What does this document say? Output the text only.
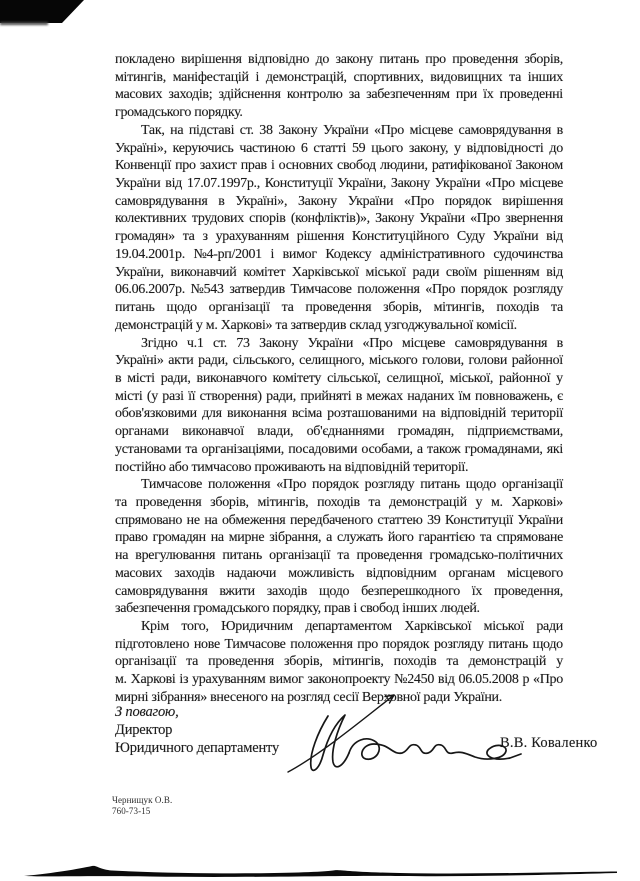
покладено вирішення відповідно до закону питань про проведення зборів,
мітингів, маніфестацій і демонстрацій, спортивних, видовищних та інших
масових заходів; здійснення контролю за забезпеченням при їх проведенні
громадського порядку.
Так, на підставі ст. 38 Закону України «Про місцеве самоврядування в
Україні», керуючись частиною 6 статті 59 цього закону, у відповідності до
Конвенції про захист прав і основних свобод людини, ратифікованої Законом
України від 17.07.1997р., Конституції України, Закону України «Про місцеве
самоврядування в Україні», Закону України «Про порядок вирішення
колективних трудових спорів (конфліктів)», Закону України «Про звернення
громадян» та з урахуванням рішення Конституційного Суду України від
19.04.2001р. №4-рп/2001 і вимог Кодексу адміністративного судочинства
України, виконавчий комітет Харківської міської ради своїм рішенням від
06.06.2007р. №543 затвердив Тимчасове положення «Про порядок розгляду
питань щодо організації та проведення зборів, мітингів, походів та
демонстрацій у м. Харкові» та затвердив склад узгоджувальної комісії.
Згідно ч.1 ст. 73 Закону України «Про місцеве самоврядування в
Україні» акти ради, сільського, селищного, міського голови, голови районної
в місті ради, виконавчого комітету сільської, селищної, міської, районної у
місті (у разі її створення) ради, прийняті в межах наданих їм повноважень, є
обов'язковими для виконання всіма розташованими на відповідній території
органами виконавчої влади, об'єднаннями громадян, підприємствами,
установами та організаціями, посадовими особами, а також громадянами, які
постійно або тимчасово проживають на відповідній території.
Тимчасове положення «Про порядок розгляду питань щодо організації
та проведення зборів, мітингів, походів та демонстрацій у м. Харкові»
спрямовано не на обмеження передбаченого статтею 39 Конституції України
право громадян на мирне зібрання, а служать його гарантією та спрямоване
на врегулювання питань організації та проведення громадсько-політичних
масових заходів надаючи можливість відповідним органам місцевого
самоврядування вжити заходів щодо безперешкодного їх проведення,
забезпечення громадського порядку, прав і свобод інших людей.
Крім того, Юридичним департаментом Харківської міської ради
підготовлено нове Тимчасове положення про порядок розгляду питань щодо
організації та проведення зборів, мітингів, походів та демонстрацій у
м. Харкові із урахуванням вимог законопроекту №2450 від 06.05.2008 р «Про
мирні зібрання» внесеного на розгляд сесії Верховної ради України.
З повагою,
Директор
Юридичного департаменту	В.В. Коваленко
Чернищук О.В.
760-73-15
